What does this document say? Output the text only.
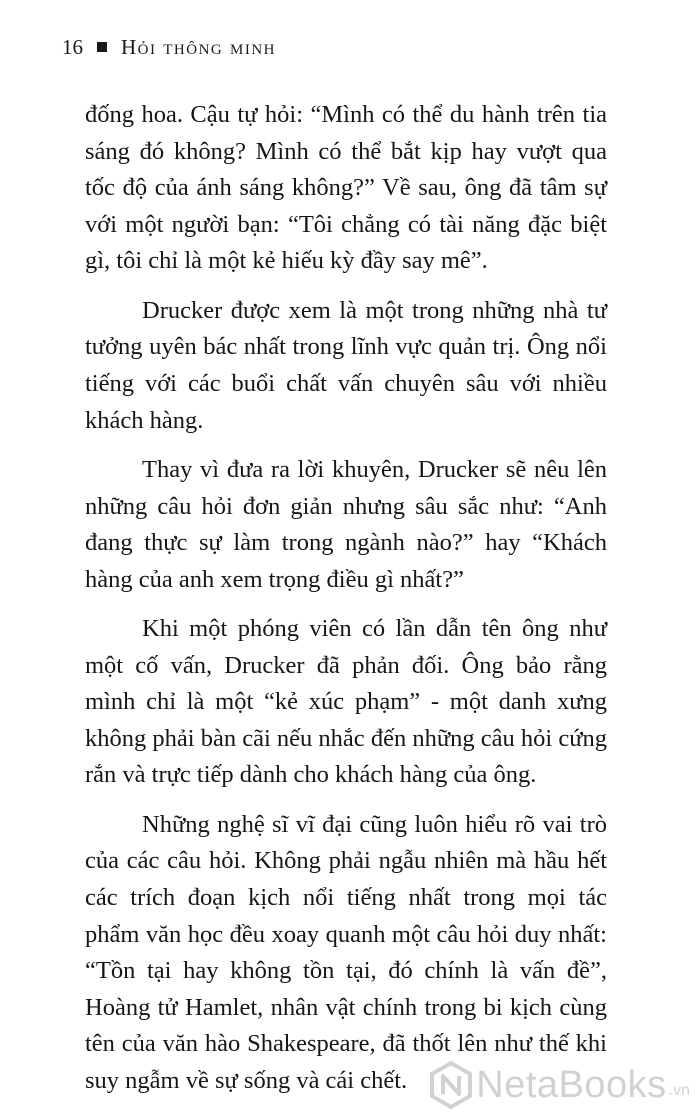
16 Hỏi thông minh

đống hoa. Cậu tự hỏi: “Mình có thể du hành trên tia sáng đó không? Mình có thể bắt kịp hay vượt qua tốc độ của ánh sáng không?” Về sau, ông đã tâm sự với một người bạn: “Tôi chẳng có tài năng đặc biệt gì, tôi chỉ là một kẻ hiếu kỳ đầy say mê”.

Drucker được xem là một trong những nhà tư tưởng uyên bác nhất trong lĩnh vực quản trị. Ông nổi tiếng với các buổi chất vấn chuyên sâu với nhiều khách hàng.

Thay vì đưa ra lời khuyên, Drucker sẽ nêu lên những câu hỏi đơn giản nhưng sâu sắc như: “Anh đang thực sự làm trong ngành nào?” hay “Khách hàng của anh xem trọng điều gì nhất?”

Khi một phóng viên có lần dẫn tên ông như một cố vấn, Drucker đã phản đối. Ông bảo rằng mình chỉ là một “kẻ xúc phạm” - một danh xưng không phải bàn cãi nếu nhắc đến những câu hỏi cứng rắn và trực tiếp dành cho khách hàng của ông.

Những nghệ sĩ vĩ đại cũng luôn hiểu rõ vai trò của các câu hỏi. Không phải ngẫu nhiên mà hầu hết các trích đoạn kịch nổi tiếng nhất trong mọi tác phẩm văn học đều xoay quanh một câu hỏi duy nhất: “Tồn tại hay không tồn tại, đó chính là vấn đề”, Hoàng tử Hamlet, nhân vật chính trong bi kịch cùng tên của văn hào Shakespeare, đã thốt lên như thế khi suy ngẫm về sự sống và cái chết.	NetaBooks .vn
